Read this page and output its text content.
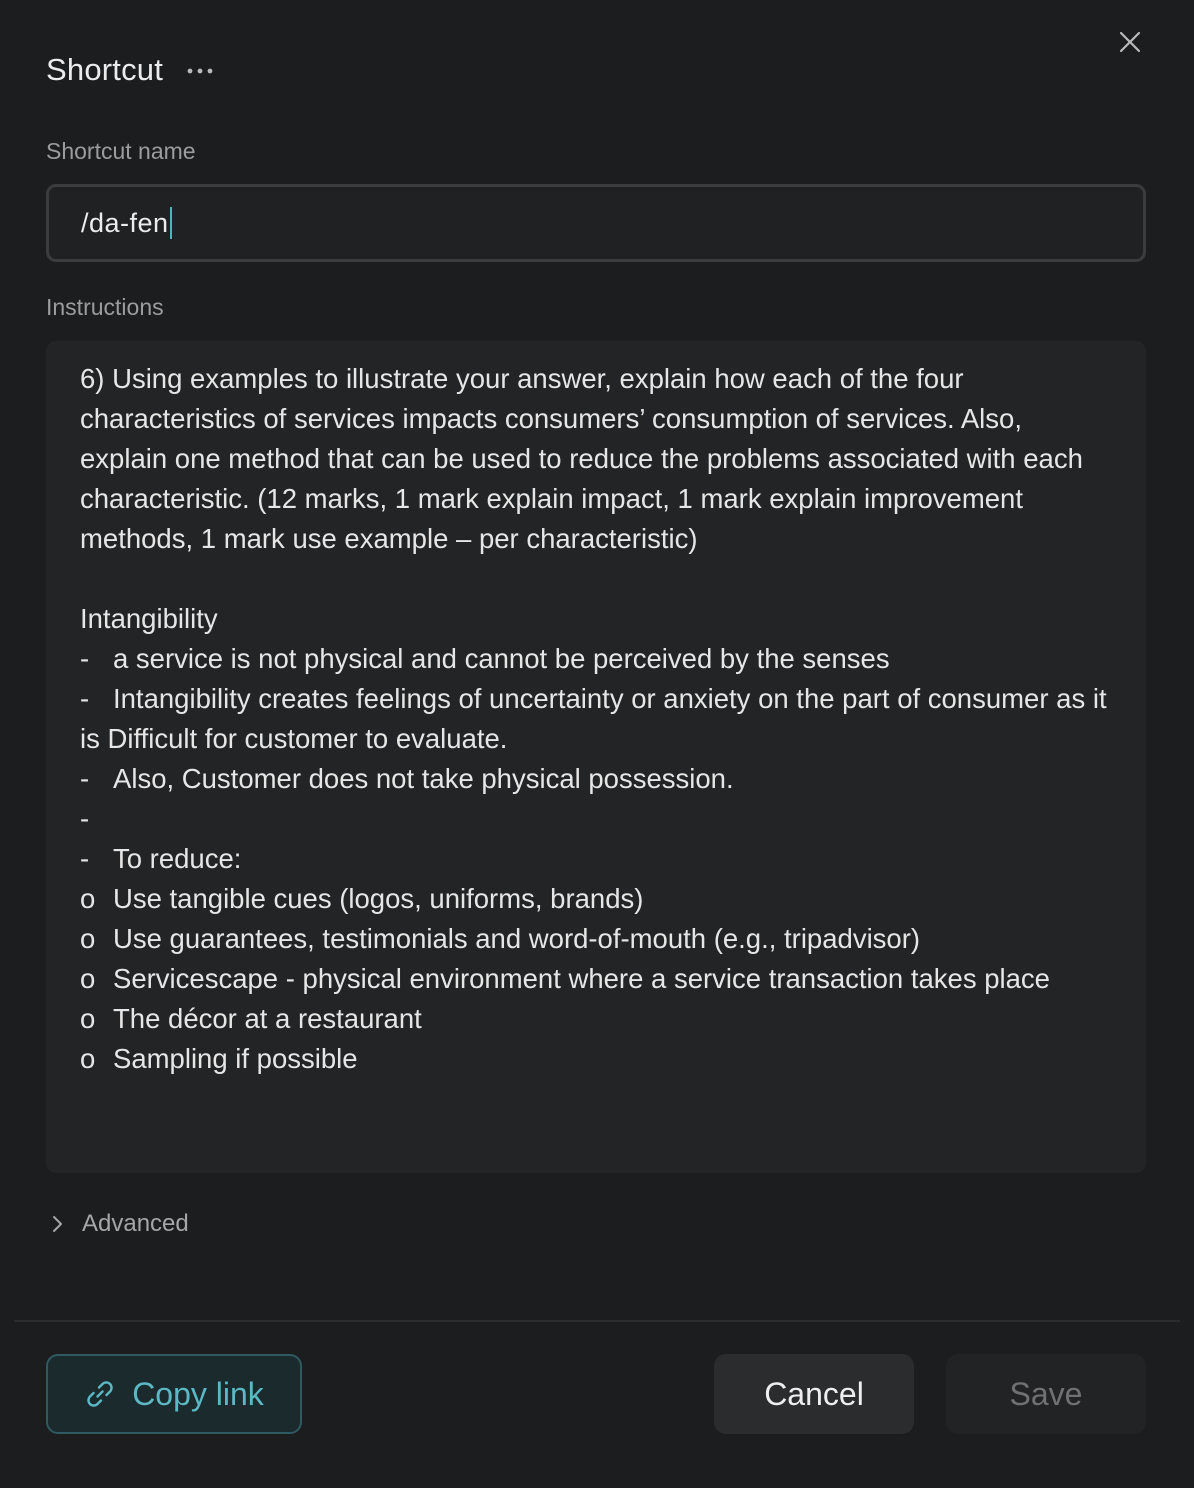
Shortcut
Shortcut name
/da-fen
Instructions
6) Using examples to illustrate your answer, explain how each of the four characteristics of services impacts consumers’ consumption of services. Also, explain one method that can be used to reduce the problems associated with each characteristic. (12 marks, 1 mark explain impact, 1 mark explain improvement methods, 1 mark use example – per characteristic)

Intangibility
-	a service is not physical and cannot be perceived by the senses
-	Intangibility creates feelings of uncertainty or anxiety on the part of consumer as it is Difficult for customer to evaluate.
-	Also, Customer does not take physical possession.
-	
-	To reduce:
o	Use tangible cues (logos, uniforms, brands)
o	Use guarantees, testimonials and word-of-mouth (e.g., tripadvisor)
o	Servicescape - physical environment where a service transaction takes place
o	The décor at a restaurant
o	Sampling if possible
Advanced
Copy link	Cancel	Save
